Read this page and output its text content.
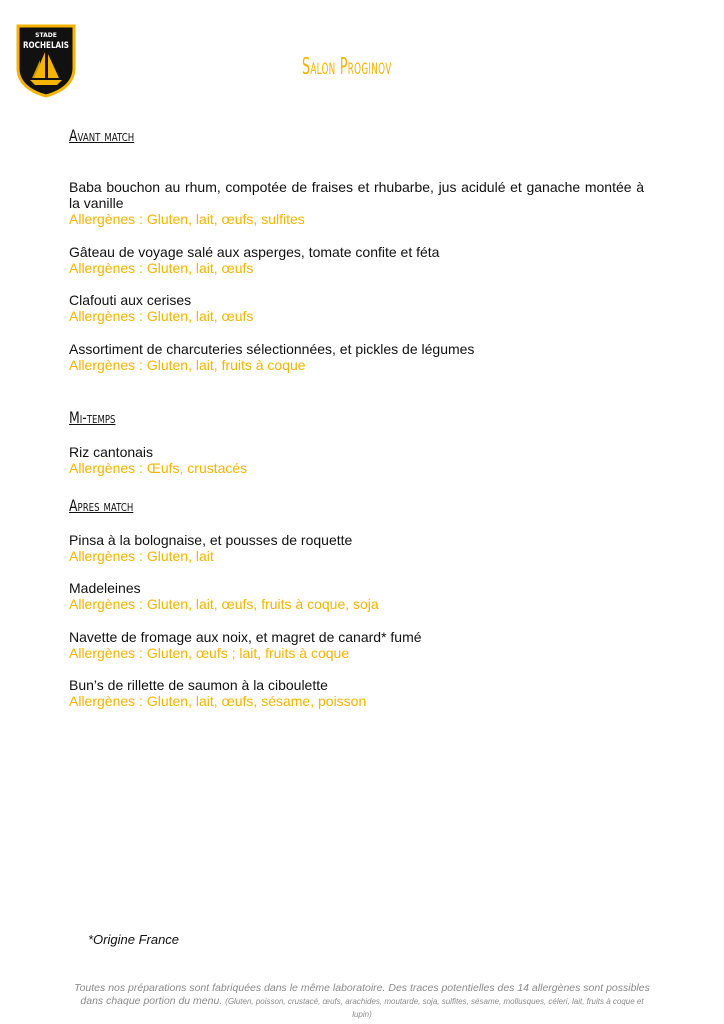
STADE
ROCHELAIS
Salon Proginov
Avant match
Baba bouchon au rhum, compotée de fraises et rhubarbe, jus acidulé et ganache montée à la vanille
Allergènes : Gluten, lait, œufs, sulfites
Gâteau de voyage salé aux asperges, tomate confite et féta
Allergènes : Gluten, lait, œufs
Clafouti aux cerises
Allergènes : Gluten, lait, œufs
Assortiment de charcuteries sélectionnées, et pickles de légumes
Allergènes : Gluten, lait, fruits à coque
Mi-temps
Riz cantonais
Allergènes : Œufs, crustacés
Apres match
Pinsa à la bolognaise, et pousses de roquette
Allergènes : Gluten, lait
Madeleines
Allergènes : Gluten, lait, œufs, fruits à coque, soja
Navette de fromage aux noix, et magret de canard* fumé
Allergènes : Gluten, œufs ; lait, fruits à coque
Bun’s de rillette de saumon à la ciboulette
Allergènes : Gluten, lait, œufs, sésame, poisson
*Origine France
Toutes nos préparations sont fabriquées dans le même laboratoire. Des traces potentielles des 14 allergènes sont possibles dans chaque portion du menu. (Gluten, poisson, crustacé, œufs, arachides, moutarde, soja, sulfites, sésame, mollusques, céleri, lait, fruits à coque et lupin)
